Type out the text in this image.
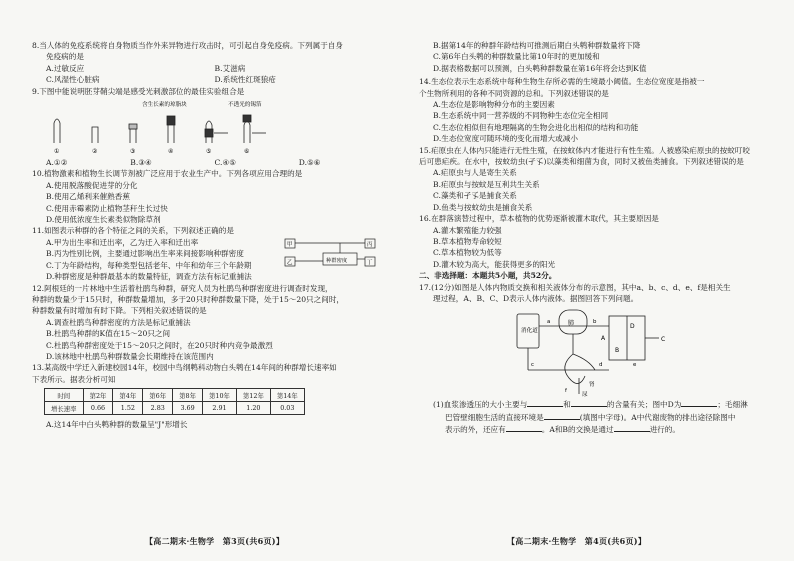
8.当人体的免疫系统将自身物质当作外来异物进行攻击时，可引起自身免疫病。下列属于自身
免疫病的是
A.过敏反应	B.艾滋病
C.风湿性心脏病	D.系统性红斑狼疮
9.下图中能说明胚芽鞘尖端是感受光刺激部位的最佳实验组合是
含生长素的琼脂块	不透光的锡箔
①	②	③	④	⑤	⑥
A.①②	B.③④	C.④⑤	D.⑤⑥
10.植物激素和植物生长调节剂被广泛应用于农业生产中。下列各项应用合理的是
A.使用脱落酸促进芽的分化
B.使用乙烯利来催熟香蕉
C.使用赤霉素防止植物茎秆生长过快
D.使用低浓度生长素类似物除草剂
11.如图表示种群的各个特征之间的关系，下列叙述正确的是
甲
乙
丙
丁
种群密度
A.甲为出生率和迁出率，乙为迁入率和迁出率
B.丙为性别比例，主要通过影响出生率来间接影响种群密度
C.丁为年龄结构，每种类型包括老年、中年和幼年三个年龄期
D.种群密度是种群最基本的数量特征，调查方法有标记重捕法
12.阿根廷的一片林地中生活着杜鹃鸟种群，研究人员为杜鹃鸟种群密度进行调查时发现，
种群的数量少于15只时，种群数量增加，多于20只时种群数量下降，处于15～20只之间时，
种群数量有时增加有时下降。下列相关叙述错误的是
A.调查杜鹃鸟种群密度的方法是标记重捕法
B.杜鹃鸟种群的K值在15～20只之间
C.杜鹃鸟种群密度处于15～20只之间时，在20只时种内竞争最激烈
D.该林地中杜鹃鸟种群数量会长期维持在该范围内
13.某高级中学迁入新建校园14年，校园中鸟纲鹎科动物白头鹎在14年间的种群增长速率如
下表所示。据表分析可知
时间	第2年	第4年	第6年	第8年	第10年	第12年	第14年
增长速率	0.66	1.52	2.83	3.69	2.91	1.20	0.03
A.这14年中白头鹎种群的数量呈"J"形增长
【高二期末·生物学　第3页(共6页)】
B.据第14年的种群年龄结构可推测后期白头鹎种群数量将下降
C.第6年白头鹎的种群数量比第10年时的更加缓和
D.据表格数据可以预测，白头鹎种群数量在第16年将会达到K值
14.生态位表示生态系统中每种生物生存所必需的生境最小阈值。生态位宽度是指被一
个生物所利用的各种不同资源的总和。下列叙述错误的是
A.生态位是影响物种分布的主要因素
B.生态系统中同一营养级的不同物种生态位完全相同
C.生态位相似但有地理隔离的生物会进化出相似的结构和功能
D.生态位宽度可随环境的变化而增大或减小
15.疟原虫在人体内只能进行无性生殖，在按蚊体内才能进行有性生殖。人被感染疟原虫的按蚊叮咬
后可患疟疾。在水中，按蚊幼虫(孑孓)以藻类和细菌为食，同时又被鱼类捕食。下列叙述错误的是
A.疟原虫与人是寄生关系
B.疟原虫与按蚊是互利共生关系
C.藻类和孑孓是捕食关系
D.鱼类与按蚊幼虫是捕食关系
16.在群落演替过程中，草本植物的优势逐渐被灌木取代，其主要原因是
A.灌木繁殖能力较强
B.草本植物寿命较短
C.草本植物较为低等
D.灌木较为高大，能获得更多的阳光
二、非选择题：本题共5小题，共52分。
17.(12分)如图是人体内物质交换和相关液体分布的示意图，其中a、b、c、d、e、f是相关生
理过程，A、B、C、D表示人体内液体。据图回答下列问题。
消化道
肺
A
B
C
D
肾
尿
a	b
c	d	e
f
(1)血浆渗透压的大小主要与	和	的含量有关；图中D为	；毛细淋
巴管壁细胞生活的直接环境是	(填图中字母)。A中代谢废物的排出途径除图中
表示的外，还应有	。A和B的交换是通过	进行的。
【高二期末·生物学　第4页(共6页)】
